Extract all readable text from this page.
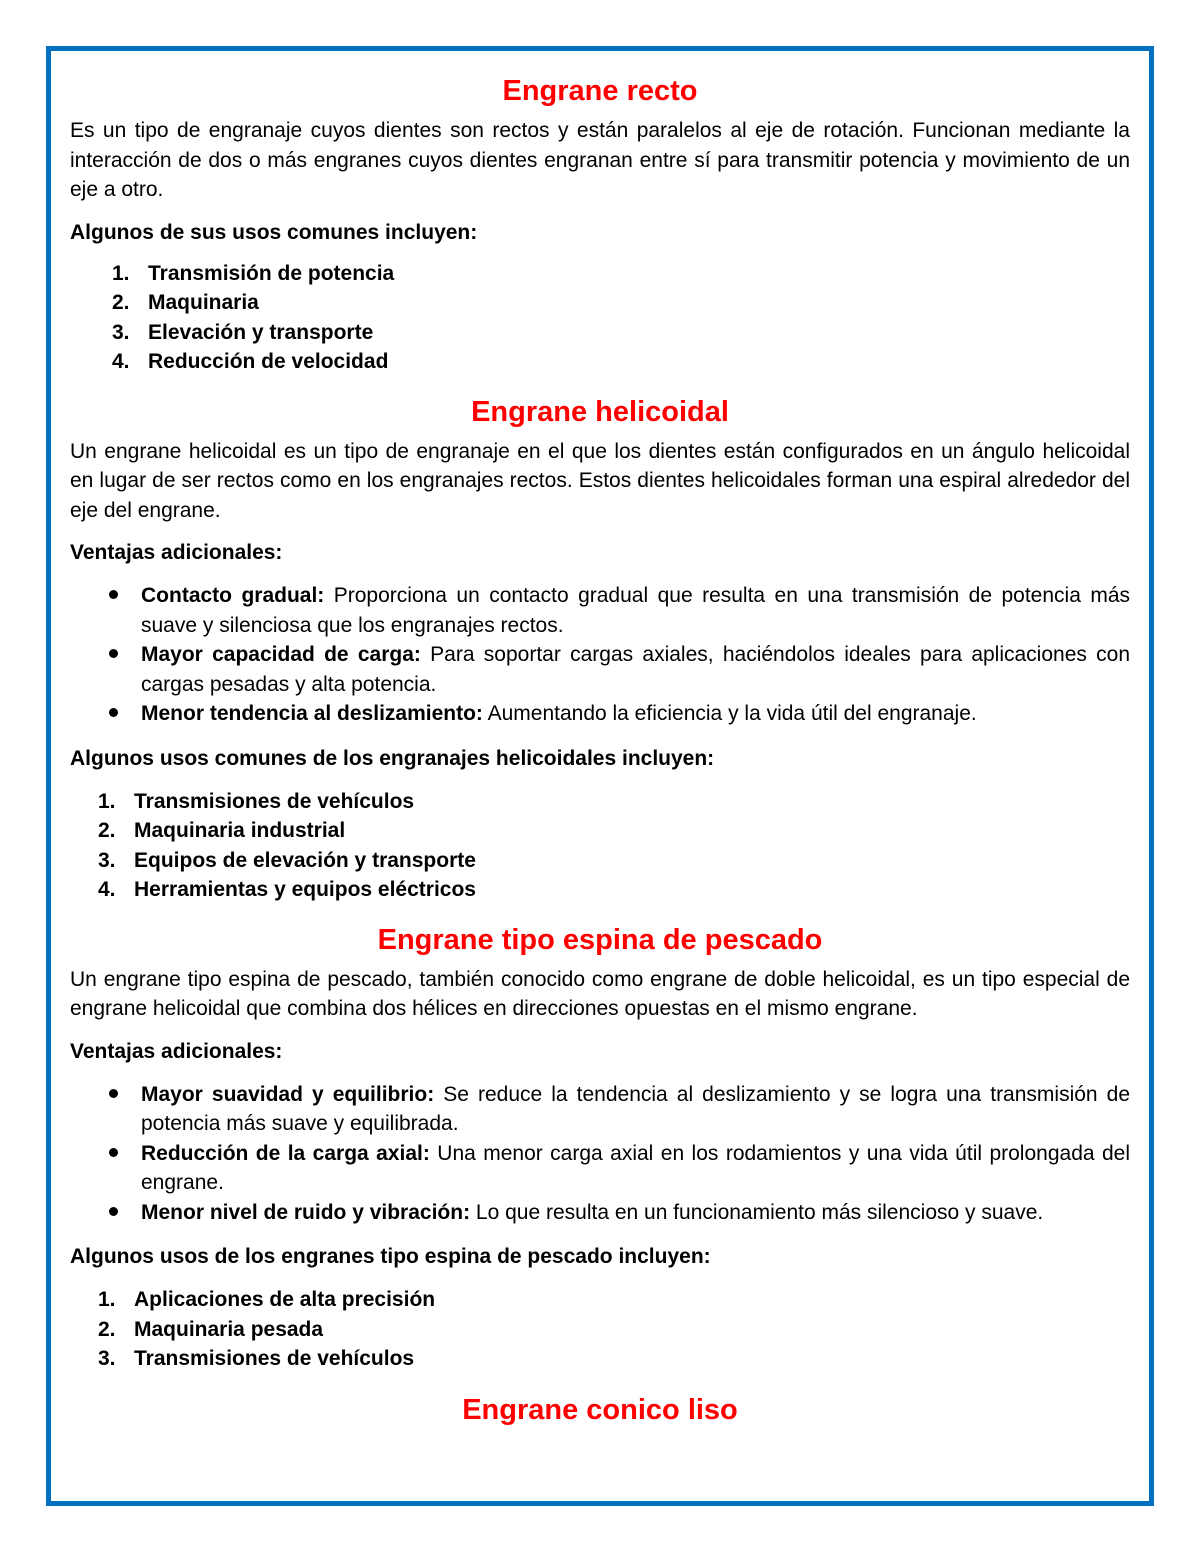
Engrane recto

Es un tipo de engranaje cuyos dientes son rectos y están paralelos al eje de rotación. Funcionan mediante la interacción de dos o más engranes cuyos dientes engranan entre sí para transmitir potencia y movimiento de un eje a otro.

Algunos de sus usos comunes incluyen:

1. Transmisión de potencia
2. Maquinaria
3. Elevación y transporte
4. Reducción de velocidad
Engrane helicoidal

Un engrane helicoidal es un tipo de engranaje en el que los dientes están configurados en un ángulo helicoidal en lugar de ser rectos como en los engranajes rectos. Estos dientes helicoidales forman una espiral alrededor del eje del engrane.

Ventajas adicionales:

Contacto gradual: Proporciona un contacto gradual que resulta en una transmisión de potencia más suave y silenciosa que los engranajes rectos.
Mayor capacidad de carga: Para soportar cargas axiales, haciéndolos ideales para aplicaciones con cargas pesadas y alta potencia.
Menor tendencia al deslizamiento: Aumentando la eficiencia y la vida útil del engranaje.

Algunos usos comunes de los engranajes helicoidales incluyen:

1. Transmisiones de vehículos
2. Maquinaria industrial
3. Equipos de elevación y transporte
4. Herramientas y equipos eléctricos
Engrane tipo espina de pescado

Un engrane tipo espina de pescado, también conocido como engrane de doble helicoidal, es un tipo especial de engrane helicoidal que combina dos hélices en direcciones opuestas en el mismo engrane.

Ventajas adicionales:

Mayor suavidad y equilibrio: Se reduce la tendencia al deslizamiento y se logra una transmisión de potencia más suave y equilibrada.
Reducción de la carga axial: Una menor carga axial en los rodamientos y una vida útil prolongada del engrane.
Menor nivel de ruido y vibración: Lo que resulta en un funcionamiento más silencioso y suave.

Algunos usos de los engranes tipo espina de pescado incluyen:

1. Aplicaciones de alta precisión
2. Maquinaria pesada
3. Transmisiones de vehículos
Engrane conico liso
